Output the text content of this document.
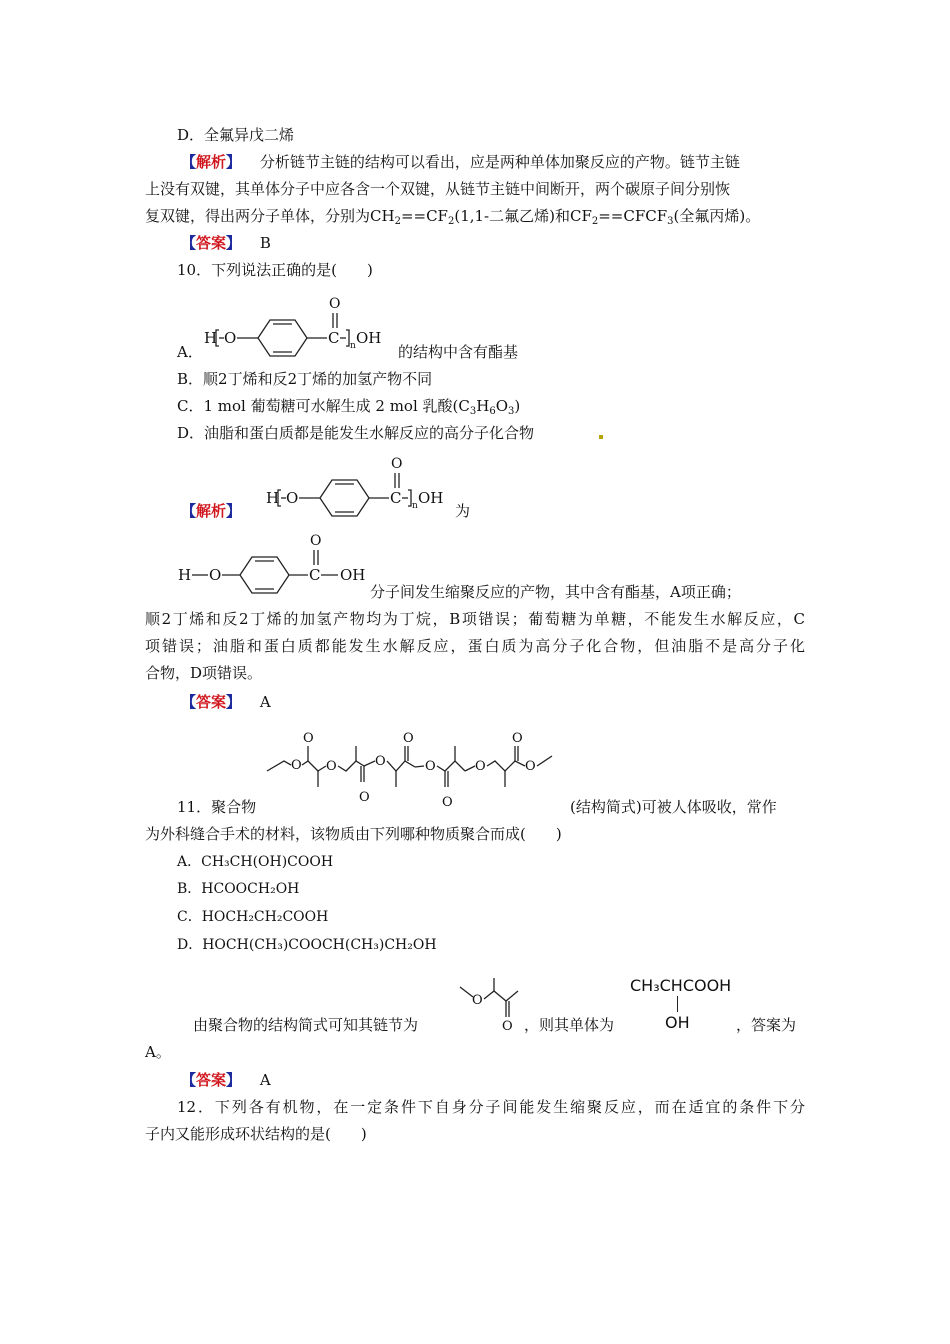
D．全氟异戊二烯
【解析】 分析链节主链的结构可以看出，应是两种单体加聚反应的产物。链节主链
上没有双键，其单体分子中应各含一个双键，从链节主链中间断开，两个碳原子间分别恢
复双键，得出两分子单体，分别为$CH_2==CF_2(1,1-$二氟乙烯)和$CF_2==CFCF_3$(全氟丙烯)。
【答案】 B
10．下列说法正确的是(　　)
H O	C
O
n OH
A．	的结构中含有酯基
B．顺2丁烯和反2丁烯的加氢产物不同
C．1 mol 葡萄糖可水解生成 2 mol 乳酸$(C_3H_6O_3)$
D．油脂和蛋白质都是能发生水解反应的高分子化合物
H O	C
O
n OH
【解析】	为
H O	C
O
OH
分子间发生缩聚反应的产物，其中含有酯基，A项正确；
顺2丁烯和反2丁烯的加氢产物均为丁烷，B项错误；葡萄糖为单糖，不能发生水解反应，C
项错误；油脂和蛋白质都能发生水解反应，蛋白质为高分子化合物，但油脂不是高分子化
合物，D项错误。
【答案】 A
O
O
O
O
O
O
O
O
O
O
O
11．聚合物	(结构简式)可被人体吸收，常作
为外科缝合手术的材料，该物质由下列哪种物质聚合而成(　　)
A．CH₃CH(OH)COOH
B．HCOOCH₂OH
C．HOCH₂CH₂COOH
D．HOCH(CH₃)COOCH(CH₃)CH₂OH
O
O
CH₃CHCOOH
OH
由聚合物的结构简式可知其链节为	，则其单体为	，答案为
A。
【答案】 A
12．下列各有机物，在一定条件下自身分子间能发生缩聚反应，而在适宜的条件下分
子内又能形成环状结构的是(　　)
